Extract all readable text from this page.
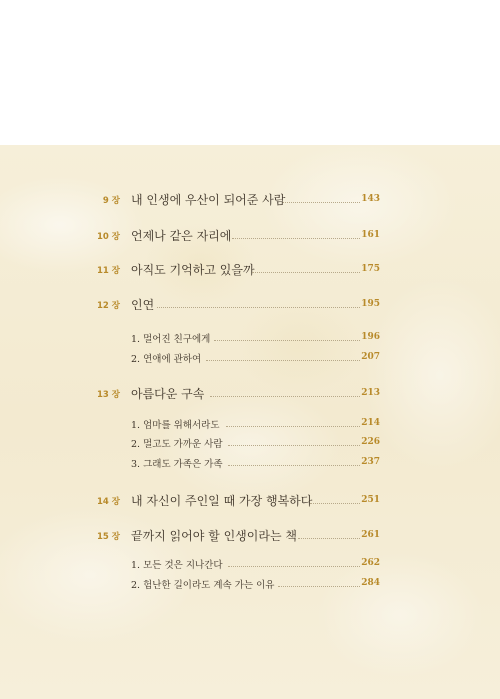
9 장 내 인생에 우산이 되어준 사람	143
10 장 언제나 같은 자리에	161
11 장 아직도 기억하고 있을까	175
12 장 인연	195
1. 멀어진 친구에게	196
2. 연애에 관하여	207
13 장 아름다운 구속	213
1. 엄마를 위해서라도	214
2. 멀고도 가까운 사람	226
3. 그래도 가족은 가족	237
14 장 내 자신이 주인일 때 가장 행복하다	251
15 장 끝까지 읽어야 할 인생이라는 책	261
1. 모든 것은 지나간다	262
2. 험난한 길이라도 계속 가는 이유	284
